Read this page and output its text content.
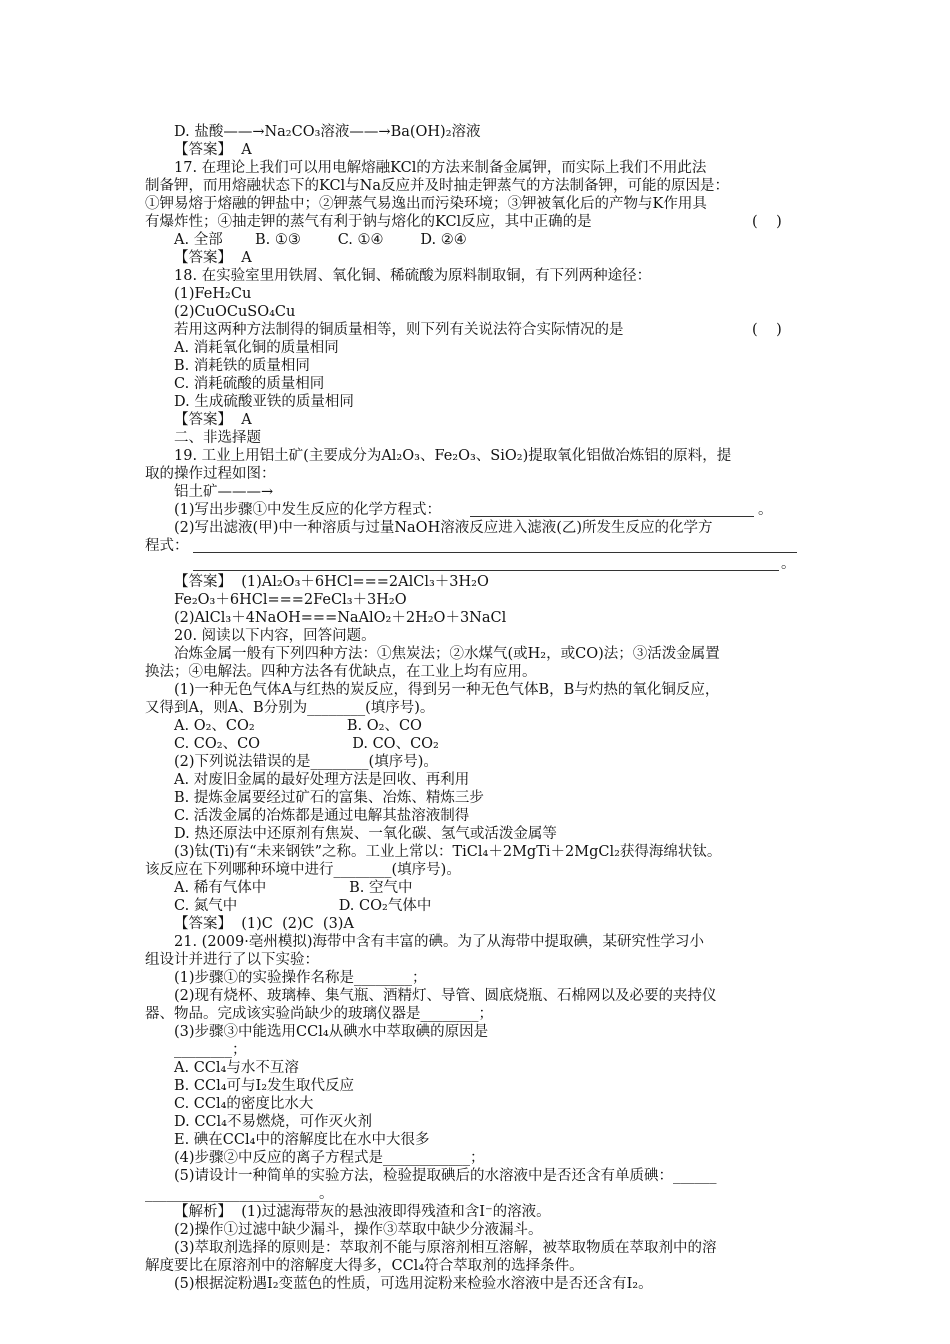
D. 盐酸——→Na₂CO₃溶液——→Ba(OH)₂溶液
【答案】  A
17. 在理论上我们可以用电解熔融KCl的方法来制备金属钾，而实际上我们不用此法
制备钾，而用熔融状态下的KCl与Na反应并及时抽走钾蒸气的方法制备钾，可能的原因是：
①钾易熔于熔融的钾盐中；②钾蒸气易逸出而污染环境；③钾被氧化后的产物与K作用具
有爆炸性；④抽走钾的蒸气有利于钠与熔化的KCl反应，其中正确的是	(    )
A. 全部       B. ①③        C. ①④        D. ②④
【答案】  A
18. 在实验室里用铁屑、氧化铜、稀硫酸为原料制取铜，有下列两种途径：
(1)FeH₂Cu
(2)CuOCuSO₄Cu
若用这两种方法制得的铜质量相等，则下列有关说法符合实际情况的是	(    )
A. 消耗氧化铜的质量相同
B. 消耗铁的质量相同
C. 消耗硫酸的质量相同
D. 生成硫酸亚铁的质量相同
【答案】  A
二、非选择题
19. 工业上用铝土矿(主要成分为Al₂O₃、Fe₂O₃、SiO₂)提取氧化铝做冶炼铝的原料，提
取的操作过程如图：
铝土矿———→
(1)写出步骤①中发生反应的化学方程式：	。
(2)写出滤液(甲)中一种溶质与过量NaOH溶液反应进入滤液(乙)所发生反应的化学方
程式：
。
【答案】  (1)Al₂O₃＋6HCl===2AlCl₃＋3H₂O
Fe₂O₃＋6HCl===2FeCl₃＋3H₂O
(2)AlCl₃＋4NaOH===NaAlO₂＋2H₂O＋3NaCl
20. 阅读以下内容，回答问题。
冶炼金属一般有下列四种方法：①焦炭法；②水煤气(或H₂，或CO)法；③活泼金属置
换法；④电解法。四种方法各有优缺点，在工业上均有应用。
(1)一种无色气体A与红热的炭反应，得到另一种无色气体B，B与灼热的氧化铜反应，
又得到A，则A、B分别为________(填序号)。
A. O₂、CO₂                    B. O₂、CO
C. CO₂、CO                    D. CO、CO₂
(2)下列说法错误的是________(填序号)。
A. 对废旧金属的最好处理方法是回收、再利用
B. 提炼金属要经过矿石的富集、冶炼、精炼三步
C. 活泼金属的冶炼都是通过电解其盐溶液制得
D. 热还原法中还原剂有焦炭、一氧化碳、氢气或活泼金属等
(3)钛(Ti)有“未来钢铁”之称。工业上常以：TiCl₄＋2MgTi＋2MgCl₂获得海绵状钛。
该反应在下列哪种环境中进行________(填序号)。
A. 稀有气体中                  B. 空气中
C. 氮气中                      D. CO₂气体中
【答案】  (1)C  (2)C  (3)A
21. (2009·亳州模拟)海带中含有丰富的碘。为了从海带中提取碘，某研究性学习小
组设计并进行了以下实验：
(1)步骤①的实验操作名称是________；
(2)现有烧杯、玻璃棒、集气瓶、酒精灯、导管、圆底烧瓶、石棉网以及必要的夹持仪
器、物品。完成该实验尚缺少的玻璃仪器是________；
(3)步骤③中能选用CCl₄从碘水中萃取碘的原因是
________；
A. CCl₄与水不互溶
B. CCl₄可与I₂发生取代反应
C. CCl₄的密度比水大
D. CCl₄不易燃烧，可作灭火剂
E. 碘在CCl₄中的溶解度比在水中大很多
(4)步骤②中反应的离子方程式是____________；
(5)请设计一种简单的实验方法，检验提取碘后的水溶液中是否还含有单质碘：______
________________________。
【解析】  (1)过滤海带灰的悬浊液即得残渣和含I⁻的溶液。
(2)操作①过滤中缺少漏斗，操作③萃取中缺少分液漏斗。
(3)萃取剂选择的原则是：萃取剂不能与原溶剂相互溶解，被萃取物质在萃取剂中的溶
解度要比在原溶剂中的溶解度大得多，CCl₄符合萃取剂的选择条件。
(5)根据淀粉遇I₂变蓝色的性质，可选用淀粉来检验水溶液中是否还含有I₂。
